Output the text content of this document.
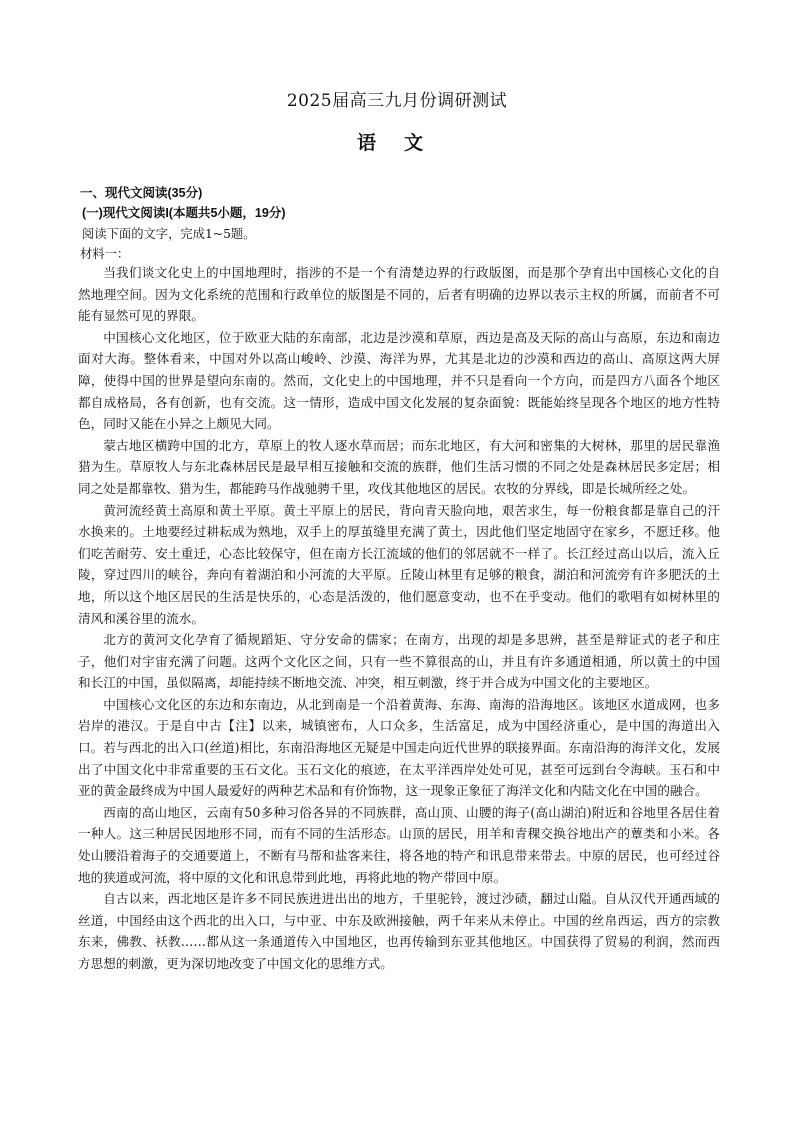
2025届高三九月份调研测试
语文
一、现代文阅读(35分)
(一)现代文阅读I(本题共5小题，19分)
阅读下面的文字，完成1~5题。
材料一：

当我们谈文化史上的中国地理时，指涉的不是一个有清楚边界的行政版图，而是那个孕育出中国核心文化的自然地理空间。因为文化系统的范围和行政单位的版图是不同的，后者有明确的边界以表示主权的所属，而前者不可能有显然可见的界限。

中国核心文化地区，位于欧亚大陆的东南部，北边是沙漠和草原，西边是高及天际的高山与高原，东边和南边面对大海。整体看来，中国对外以高山峻岭、沙漠、海洋为界，尤其是北边的沙漠和西边的高山、高原这两大屏障，使得中国的世界是望向东南的。然而，文化史上的中国地理，并不只是看向一个方向，而是四方八面各个地区都自成格局，各有创新，也有交流。这一情形，造成中国文化发展的复杂面貌：既能始终呈现各个地区的地方性特色，同时又能在小异之上颇见大同。

蒙古地区横跨中国的北方，草原上的牧人逐水草而居；而东北地区，有大河和密集的大树林，那里的居民靠渔猎为生。草原牧人与东北森林居民是最早相互接触和交流的族群，他们生活习惯的不同之处是森林居民多定居；相同之处是都靠牧、猎为生，都能跨马作战驰骋千里，攻伐其他地区的居民。农牧的分界线，即是长城所经之处。

黄河流经黄土高原和黄土平原。黄土平原上的居民，背向青天脸向地，艰苦求生，每一份粮食都是靠自己的汗水换来的。土地要经过耕耘成为熟地，双手上的厚茧缝里充满了黄土，因此他们坚定地固守在家乡，不愿迁移。他们吃苦耐劳、安土重迁，心态比较保守，但在南方长江流域的他们的邻居就不一样了。长江经过高山以后，流入丘陵，穿过四川的峡谷，奔向有着湖泊和小河流的大平原。丘陵山林里有足够的粮食，湖泊和河流旁有许多肥沃的土地，所以这个地区居民的生活是快乐的，心态是活泼的，他们愿意变动，也不在乎变动。他们的歌唱有如树林里的清风和溪谷里的流水。

北方的黄河文化孕育了循规蹈矩、守分安命的儒家；在南方，出现的却是多思辨，甚至是辩证式的老子和庄子，他们对宇宙充满了问题。这两个文化区之间，只有一些不算很高的山，并且有许多通道相通，所以黄土的中国和长江的中国，虽似隔离，却能持续不断地交流、冲突，相互刺激，终于并合成为中国文化的主要地区。

中国核心文化区的东边和东南边，从北到南是一个沿着黄海、东海、南海的沿海地区。该地区水道成网，也多岩岸的港汉。于是自中古【注】以来，城镇密布，人口众多，生活富足，成为中国经济重心，是中国的海道出入口。若与西北的出入口(丝道)相比，东南沿海地区无疑是中国走向近代世界的联接界面。东南沿海的海洋文化，发展出了中国文化中非常重要的玉石文化。玉石文化的痕迹，在太平洋西岸处处可见，甚至可远到台令海峡。玉石和中亚的黄金最终成为中国人最爱好的两种艺术品和有价饰物，这一现象正象征了海洋文化和内陆文化在中国的融合。

西南的高山地区，云南有50多种习俗各异的不同族群，高山顶、山腰的海子(高山湖泊)附近和谷地里各居住着一种人。这三种居民因地形不同，而有不同的生活形态。山顶的居民，用羊和青稞交换谷地出产的蕈类和小米。各处山腰沿着海子的交通要道上，不断有马帮和盐客来往，将各地的特产和讯息带来带去。中原的居民，也可经过谷地的狭道或河流，将中原的文化和讯息带到此地，再将此地的物产带回中原。

自古以来，西北地区是许多不同民族进进出出的地方，千里驼铃，渡过沙碛，翻过山隘。自从汉代开通西域的丝道，中国经由这个西北的出入口，与中亚、中东及欧洲接触，两千年来从未停止。中国的丝帛西运，西方的宗教东来，佛教、袄教……都从这一条通道传入中国地区，也再传输到东亚其他地区。中国获得了贸易的利润，然而西方思想的刺激，更为深切地改变了中国文化的思维方式。
